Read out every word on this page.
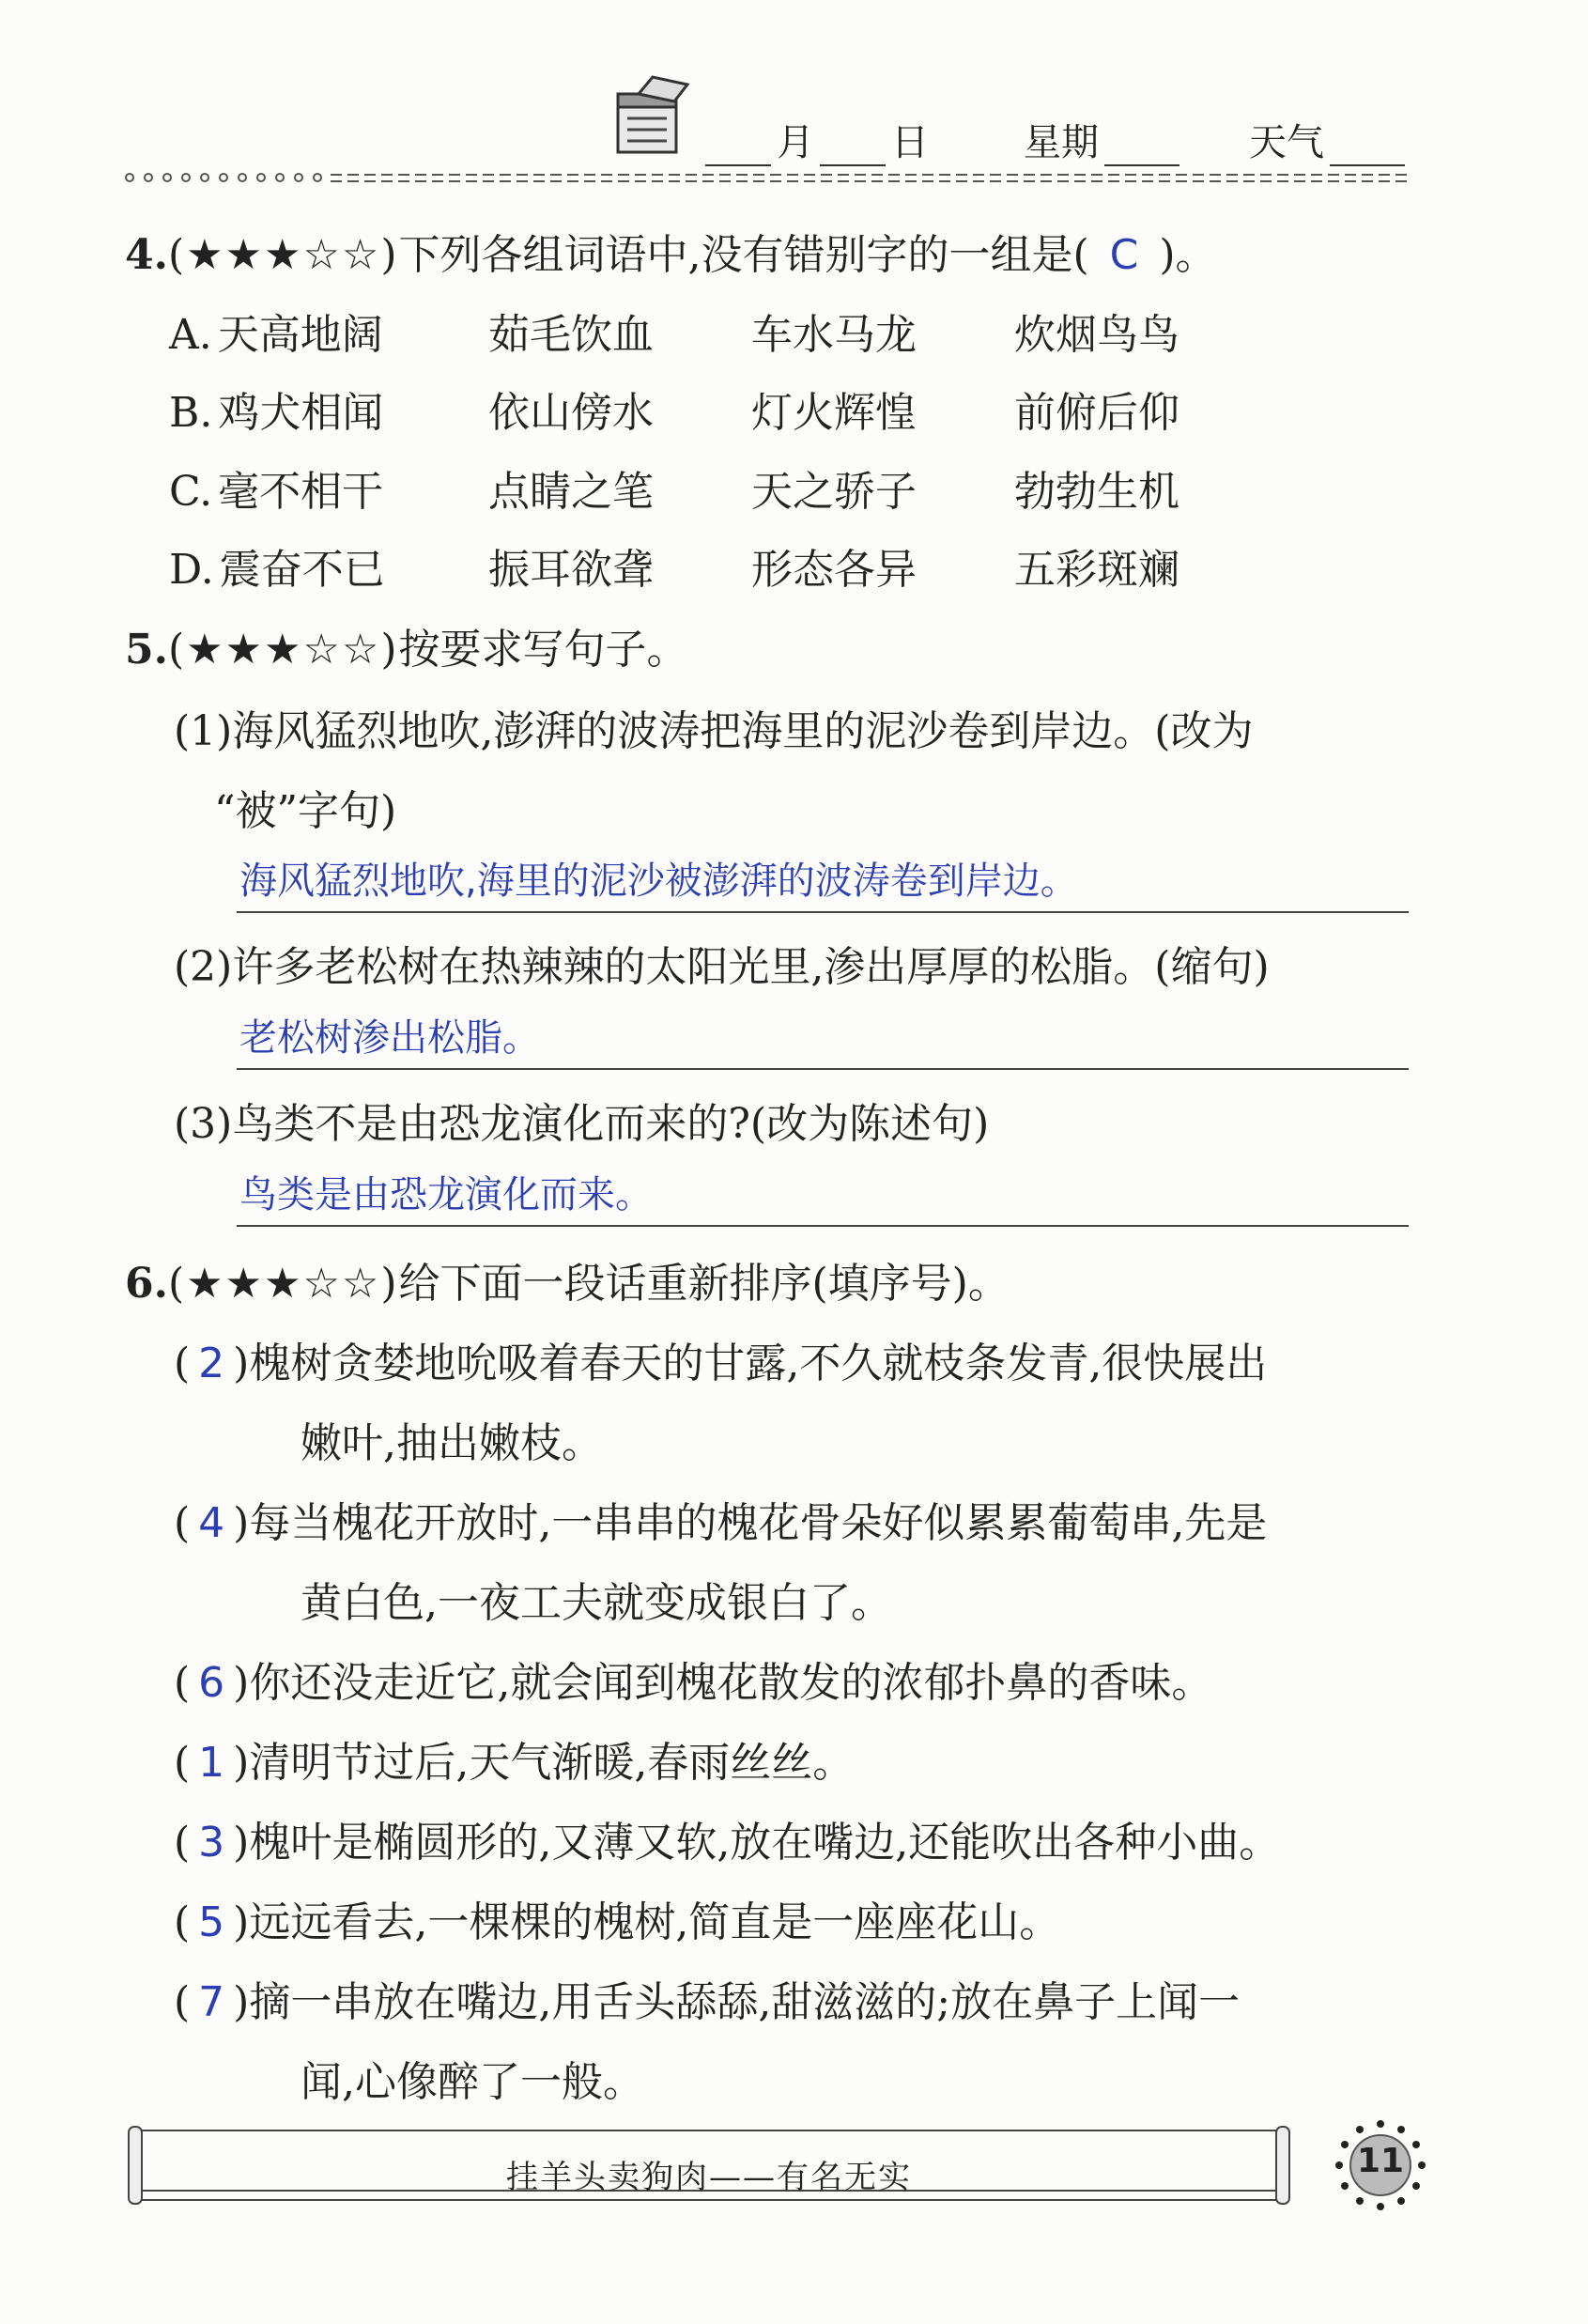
月 日	星期	天气
4.(★★★☆☆)下列各组词语中,没有错别字的一组是( C )。
A. 天高地阔	茹毛饮血 车水马龙 炊烟鸟鸟
B. 鸡犬相闻	依山傍水 灯火辉惶 前俯后仰
C. 毫不相干	点睛之笔 天之骄子 勃勃生机
D. 震奋不已	振耳欲聋 形态各异 五彩斑斓
5.(★★★☆☆)按要求写句子。
(1)海风猛烈地吹,澎湃的波涛把海里的泥沙卷到岸边。(改为
“被”字句)
海风猛烈地吹,海里的泥沙被澎湃的波涛卷到岸边。
(2)许多老松树在热辣辣的太阳光里,渗出厚厚的松脂。(缩句)
老松树渗出松脂。
(3)鸟类不是由恐龙演化而来的?(改为陈述句)
鸟类是由恐龙演化而来。
6.(★★★☆☆)给下面一段话重新排序(填序号)。
( 2 )槐树贪婪地吮吸着春天的甘露,不久就枝条发青,很快展出
嫩叶,抽出嫩枝。
( 4 )每当槐花开放时,一串串的槐花骨朵好似累累葡萄串,先是
黄白色,一夜工夫就变成银白了。
( 6 )你还没走近它,就会闻到槐花散发的浓郁扑鼻的香味。
( 1 )清明节过后,天气渐暖,春雨丝丝。
( 3 )槐叶是椭圆形的,又薄又软,放在嘴边,还能吹出各种小曲。
( 5 )远远看去,一棵棵的槐树,简直是一座座花山。
( 7 )摘一串放在嘴边,用舌头舔舔,甜滋滋的;放在鼻子上闻一
闻,心像醉了一般。
挂羊头卖狗肉——有名无实	11
